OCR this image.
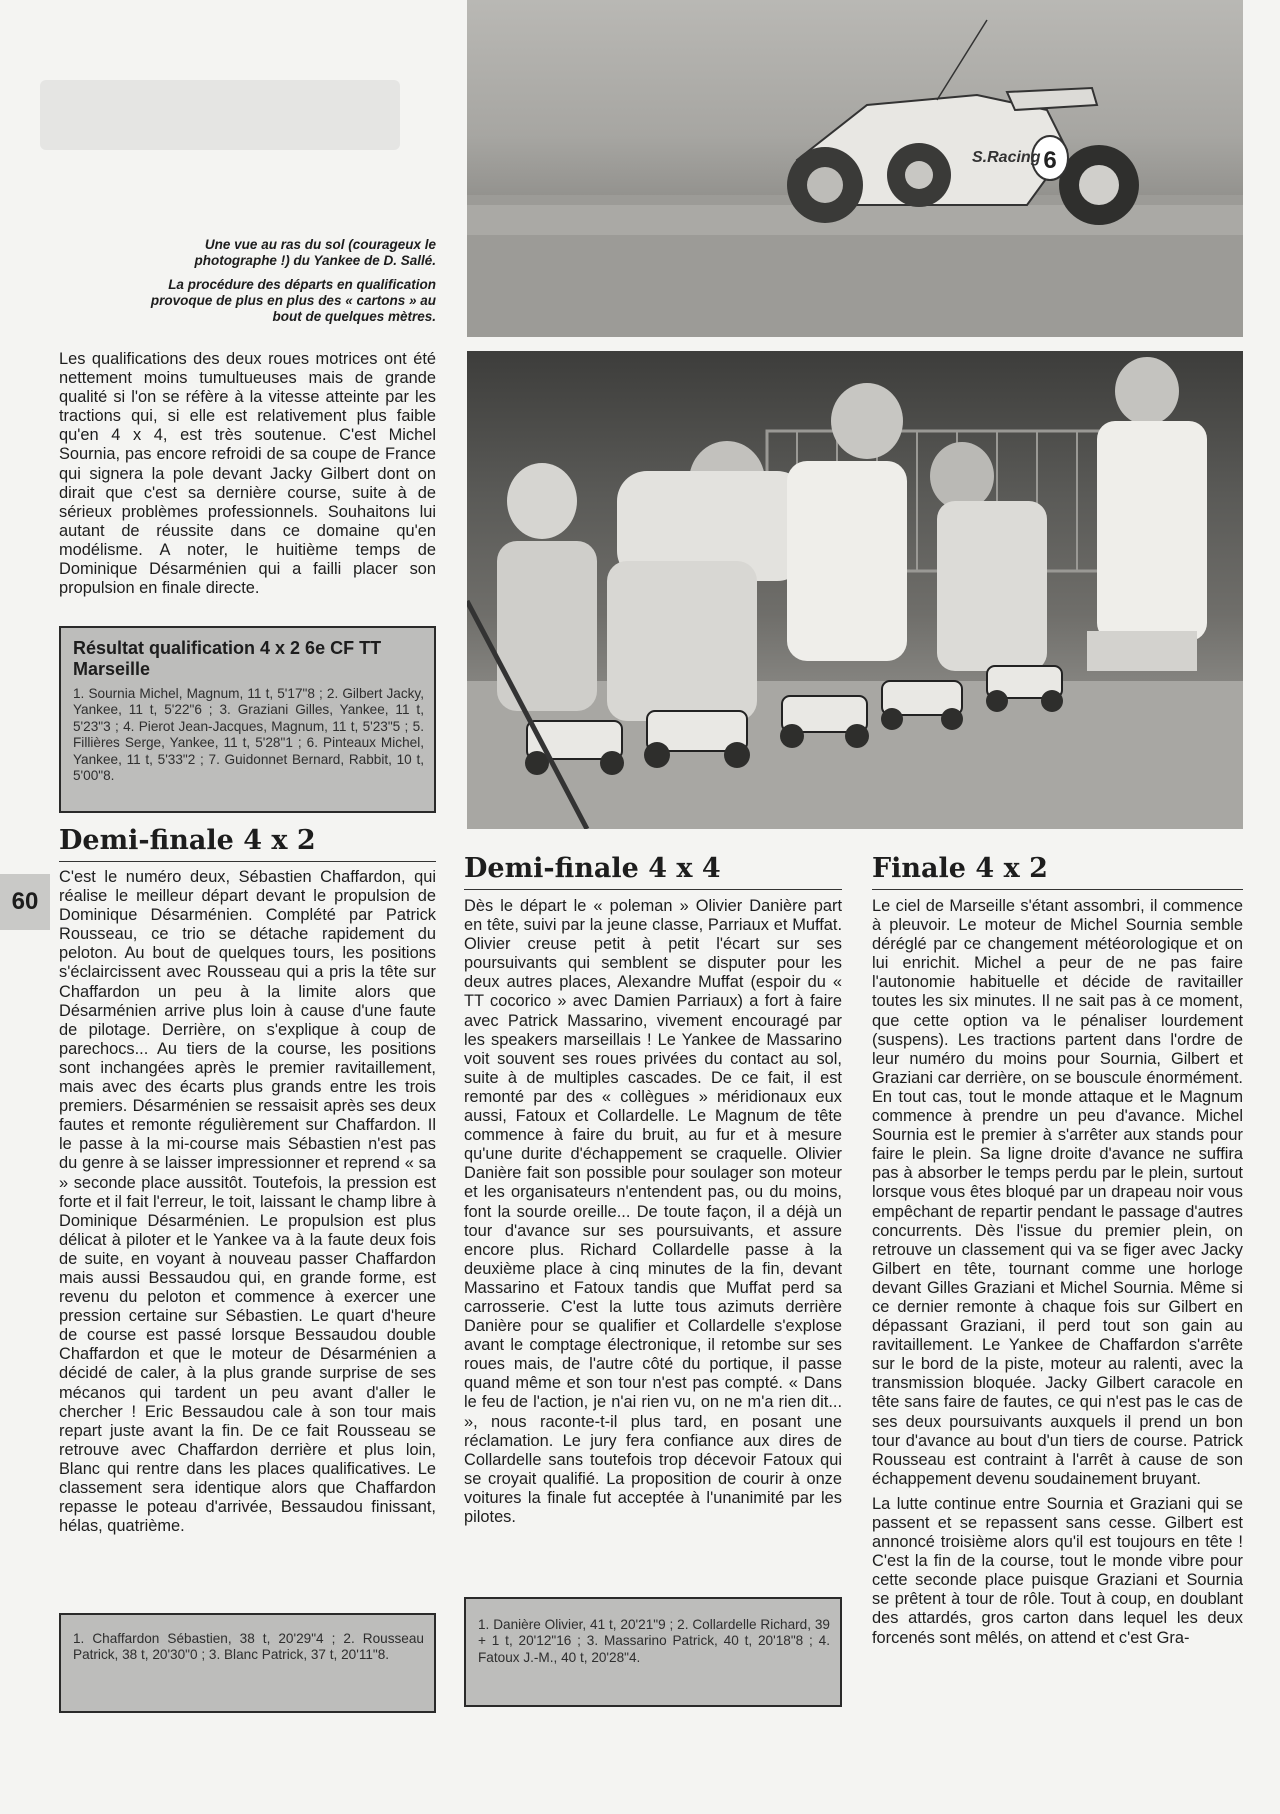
6
S.Racing

Une vue au ras du sol (courageux le photographe !) du Yankee de D. Sallé.

La procédure des départs en qualification provoque de plus en plus des « cartons » au bout de quelques mètres.

Les qualifications des deux roues motrices ont été nettement moins tumultueuses mais de grande qualité si l'on se réfère à la vitesse atteinte par les tractions qui, si elle est relativement plus faible qu'en 4 x 4, est très soutenue. C'est Michel Sournia, pas encore refroidi de sa coupe de France qui signera la pole devant Jacky Gilbert dont on dirait que c'est sa dernière course, suite à de sérieux problèmes professionnels. Souhaitons lui autant de réussite dans ce domaine qu'en modélisme. A noter, le huitième temps de Dominique Désarménien qui a failli placer son propulsion en finale directe.

Résultat qualification 4 x 2 6e CF TT Marseille

1. Sournia Michel, Magnum, 11 t, 5'17"8 ; 2. Gilbert Jacky, Yankee, 11 t, 5'22"6 ; 3. Graziani Gilles, Yankee, 11 t, 5'23"3 ; 4. Pierot Jean-Jacques, Magnum, 11 t, 5'23"5 ; 5. Fillières Serge, Yankee, 11 t, 5'28"1 ; 6. Pinteaux Michel, Yankee, 11 t, 5'33"2 ; 7. Guidonnet Bernard, Rabbit, 10 t, 5'00"8.

60
Demi-finale 4 x 2

C'est le numéro deux, Sébastien Chaffardon, qui réalise le meilleur départ devant le propulsion de Dominique Désarménien. Complété par Patrick Rousseau, ce trio se détache rapidement du peloton. Au bout de quelques tours, les positions s'éclaircissent avec Rousseau qui a pris la tête sur Chaffardon un peu à la limite alors que Désarménien arrive plus loin à cause d'une faute de pilotage. Derrière, on s'explique à coup de parechocs... Au tiers de la course, les positions sont inchangées après le premier ravitaillement, mais avec des écarts plus grands entre les trois premiers. Désarménien se ressaisit après ses deux fautes et remonte régulièrement sur Chaffardon. Il le passe à la mi-course mais Sébastien n'est pas du genre à se laisser impressionner et reprend « sa » seconde place aussitôt. Toutefois, la pression est forte et il fait l'erreur, le toit, laissant le champ libre à Dominique Désarménien. Le propulsion est plus délicat à piloter et le Yankee va à la faute deux fois de suite, en voyant à nouveau passer Chaffardon mais aussi Bessaudou qui, en grande forme, est revenu du peloton et commence à exercer une pression certaine sur Sébastien. Le quart d'heure de course est passé lorsque Bessaudou double Chaffardon et que le moteur de Désarménien a décidé de caler, à la plus grande surprise de ses mécanos qui tardent un peu avant d'aller le chercher ! Eric Bessaudou cale à son tour mais repart juste avant la fin. De ce fait Rousseau se retrouve avec Chaffardon derrière et plus loin, Blanc qui rentre dans les places qualificatives. Le classement sera identique alors que Chaffardon repasse le poteau d'arrivée, Bessaudou finissant, hélas, quatrième.

1. Chaffardon Sébastien, 38 t, 20'29"4 ; 2. Rousseau Patrick, 38 t, 20'30"0 ; 3. Blanc Patrick, 37 t, 20'11"8.

Demi-finale 4 x 4

Dès le départ le « poleman » Olivier Danière part en tête, suivi par la jeune classe, Parriaux et Muffat. Olivier creuse petit à petit l'écart sur ses poursuivants qui semblent se disputer pour les deux autres places, Alexandre Muffat (espoir du « TT cocorico » avec Damien Parriaux) a fort à faire avec Patrick Massarino, vivement encouragé par les speakers marseillais ! Le Yankee de Massarino voit souvent ses roues privées du contact au sol, suite à de multiples cascades. De ce fait, il est remonté par des « collègues » méridionaux eux aussi, Fatoux et Collardelle. Le Magnum de tête commence à faire du bruit, au fur et à mesure qu'une durite d'échappement se craquelle. Olivier Danière fait son possible pour soulager son moteur et les organisateurs n'entendent pas, ou du moins, font la sourde oreille... De toute façon, il a déjà un tour d'avance sur ses poursuivants, et assure encore plus. Richard Collardelle passe à la deuxième place à cinq minutes de la fin, devant Massarino et Fatoux tandis que Muffat perd sa carrosserie. C'est la lutte tous azimuts derrière Danière pour se qualifier et Collardelle s'explose avant le comptage électronique, il retombe sur ses roues mais, de l'autre côté du portique, il passe quand même et son tour n'est pas compté. « Dans le feu de l'action, je n'ai rien vu, on ne m'a rien dit... », nous raconte-t-il plus tard, en posant une réclamation. Le jury fera confiance aux dires de Collardelle sans toutefois trop décevoir Fatoux qui se croyait qualifié. La proposition de courir à onze voitures la finale fut acceptée à l'unanimité par les pilotes.

1. Danière Olivier, 41 t, 20'21"9 ; 2. Collardelle Richard, 39 + 1 t, 20'12"16 ; 3. Massarino Patrick, 40 t, 20'18"8 ; 4. Fatoux J.-M., 40 t, 20'28"4.

Finale 4 x 2

Le ciel de Marseille s'étant assombri, il commence à pleuvoir. Le moteur de Michel Sournia semble déréglé par ce changement météorologique et on lui enrichit. Michel a peur de ne pas faire l'autonomie habituelle et décide de ravitailler toutes les six minutes. Il ne sait pas à ce moment, que cette option va le pénaliser lourdement (suspens). Les tractions partent dans l'ordre de leur numéro du moins pour Sournia, Gilbert et Graziani car derrière, on se bouscule énormément. En tout cas, tout le monde attaque et le Magnum commence à prendre un peu d'avance. Michel Sournia est le premier à s'arrêter aux stands pour faire le plein. Sa ligne droite d'avance ne suffira pas à absorber le temps perdu par le plein, surtout lorsque vous êtes bloqué par un drapeau noir vous empêchant de repartir pendant le passage d'autres concurrents. Dès l'issue du premier plein, on retrouve un classement qui va se figer avec Jacky Gilbert en tête, tournant comme une horloge devant Gilles Graziani et Michel Sournia. Même si ce dernier remonte à chaque fois sur Gilbert en dépassant Graziani, il perd tout son gain au ravitaillement. Le Yankee de Chaffardon s'arrête sur le bord de la piste, moteur au ralenti, avec la transmission bloquée. Jacky Gilbert caracole en tête sans faire de fautes, ce qui n'est pas le cas de ses deux poursuivants auxquels il prend un bon tour d'avance au bout d'un tiers de course. Patrick Rousseau est contraint à l'arrêt à cause de son échappement devenu soudainement bruyant.

La lutte continue entre Sournia et Graziani qui se passent et se repassent sans cesse. Gilbert est annoncé troisième alors qu'il est toujours en tête ! C'est la fin de la course, tout le monde vibre pour cette seconde place puisque Graziani et Sournia se prêtent à tour de rôle. Tout à coup, en doublant des attardés, gros carton dans lequel les deux forcenés sont mêlés, on attend et c'est Gra-
